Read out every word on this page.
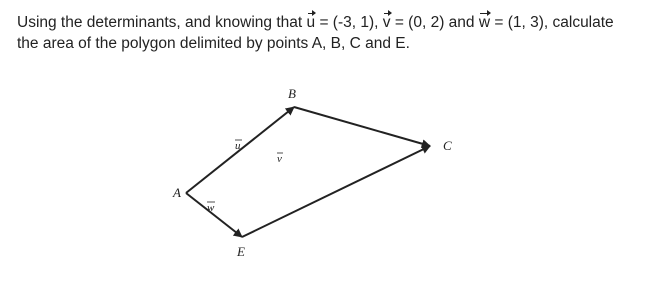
Using the determinants, and knowing that u = (-3, 1), v = (0, 2) and w = (1, 3), calculate
the area of the polygon delimited by points A, B, C and E.
A
B
C
E
u
v
w
